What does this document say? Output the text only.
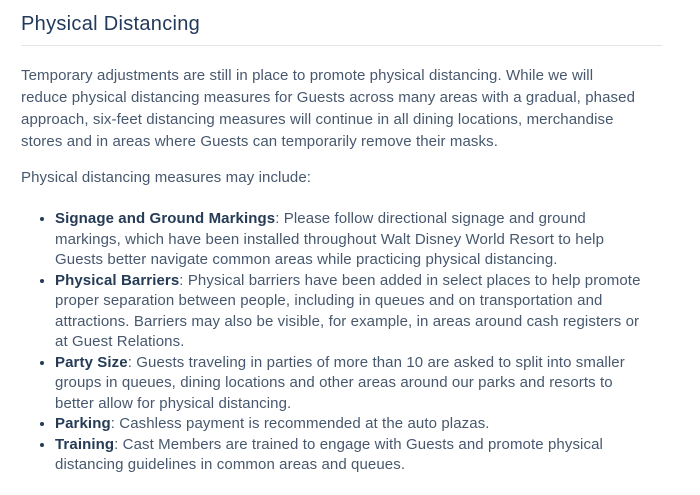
Physical Distancing

Temporary adjustments are still in place to promote physical distancing. While we will reduce physical distancing measures for Guests across many areas with a gradual, phased approach, six-feet distancing measures will continue in all dining locations, merchandise stores and in areas where Guests can temporarily remove their masks.

Physical distancing measures may include:

• Signage and Ground Markings: Please follow directional signage and ground markings, which have been installed throughout Walt Disney World Resort to help Guests better navigate common areas while practicing physical distancing.
• Physical Barriers: Physical barriers have been added in select places to help promote proper separation between people, including in queues and on transportation and attractions. Barriers may also be visible, for example, in areas around cash registers or at Guest Relations.
• Party Size: Guests traveling in parties of more than 10 are asked to split into smaller groups in queues, dining locations and other areas around our parks and resorts to better allow for physical distancing.
• Parking: Cashless payment is recommended at the auto plazas.
• Training: Cast Members are trained to engage with Guests and promote physical distancing guidelines in common areas and queues.
